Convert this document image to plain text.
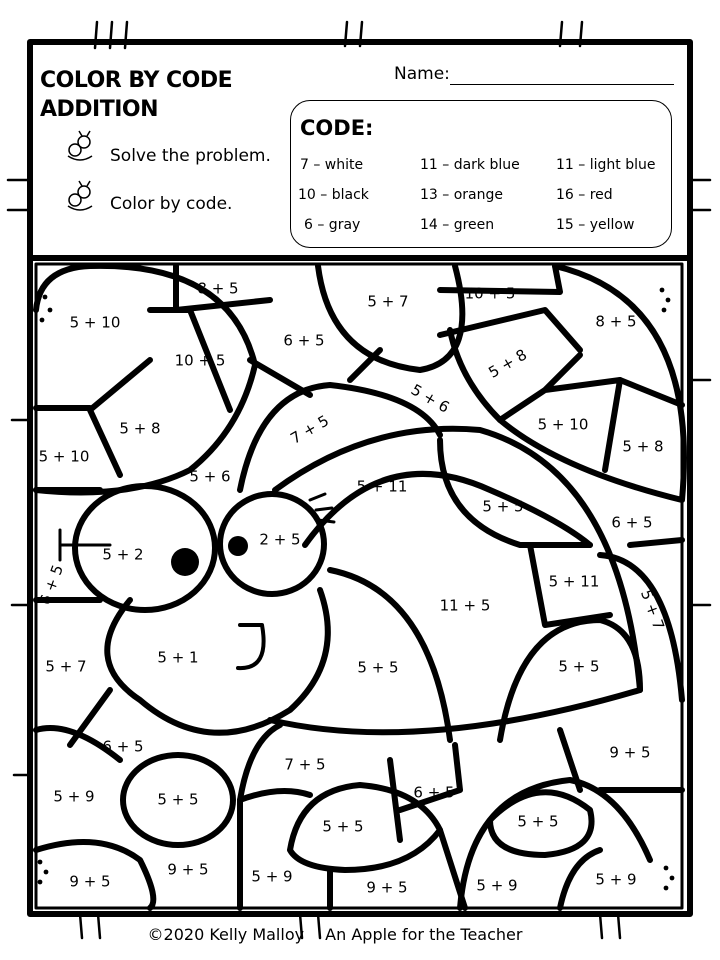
8 + 5
5 + 10
5 + 7	10 + 5
8 + 5
10 + 5
6 + 5
5 + 8
5 + 6
5 + 8	7 + 5	5 + 10
5 + 8
5 + 10
5 + 6
5 + 11
5 + 5
5 + 2
2 + 5
6 + 5
6 + 5	5 + 11
11 + 5	5 + 7
5 + 7	5 + 1
5 + 5	5 + 5
6 + 5	9 + 5
5 + 9	5 + 5
7 + 5
6 + 5
5 + 5	5 + 5
9 + 5	5 + 9
9 + 5	5 + 9
9 + 5	5 + 9
COLOR BY CODE
ADDITION
Name:
Solve the problem.
Color by code.
CODE:
7 – white	11 – dark blue	11 – light blue
10 – black	13 – orange	16 – red
6 – gray	14 – green	15 – yellow
©2020 Kelly Malloy An Apple for the Teacher
